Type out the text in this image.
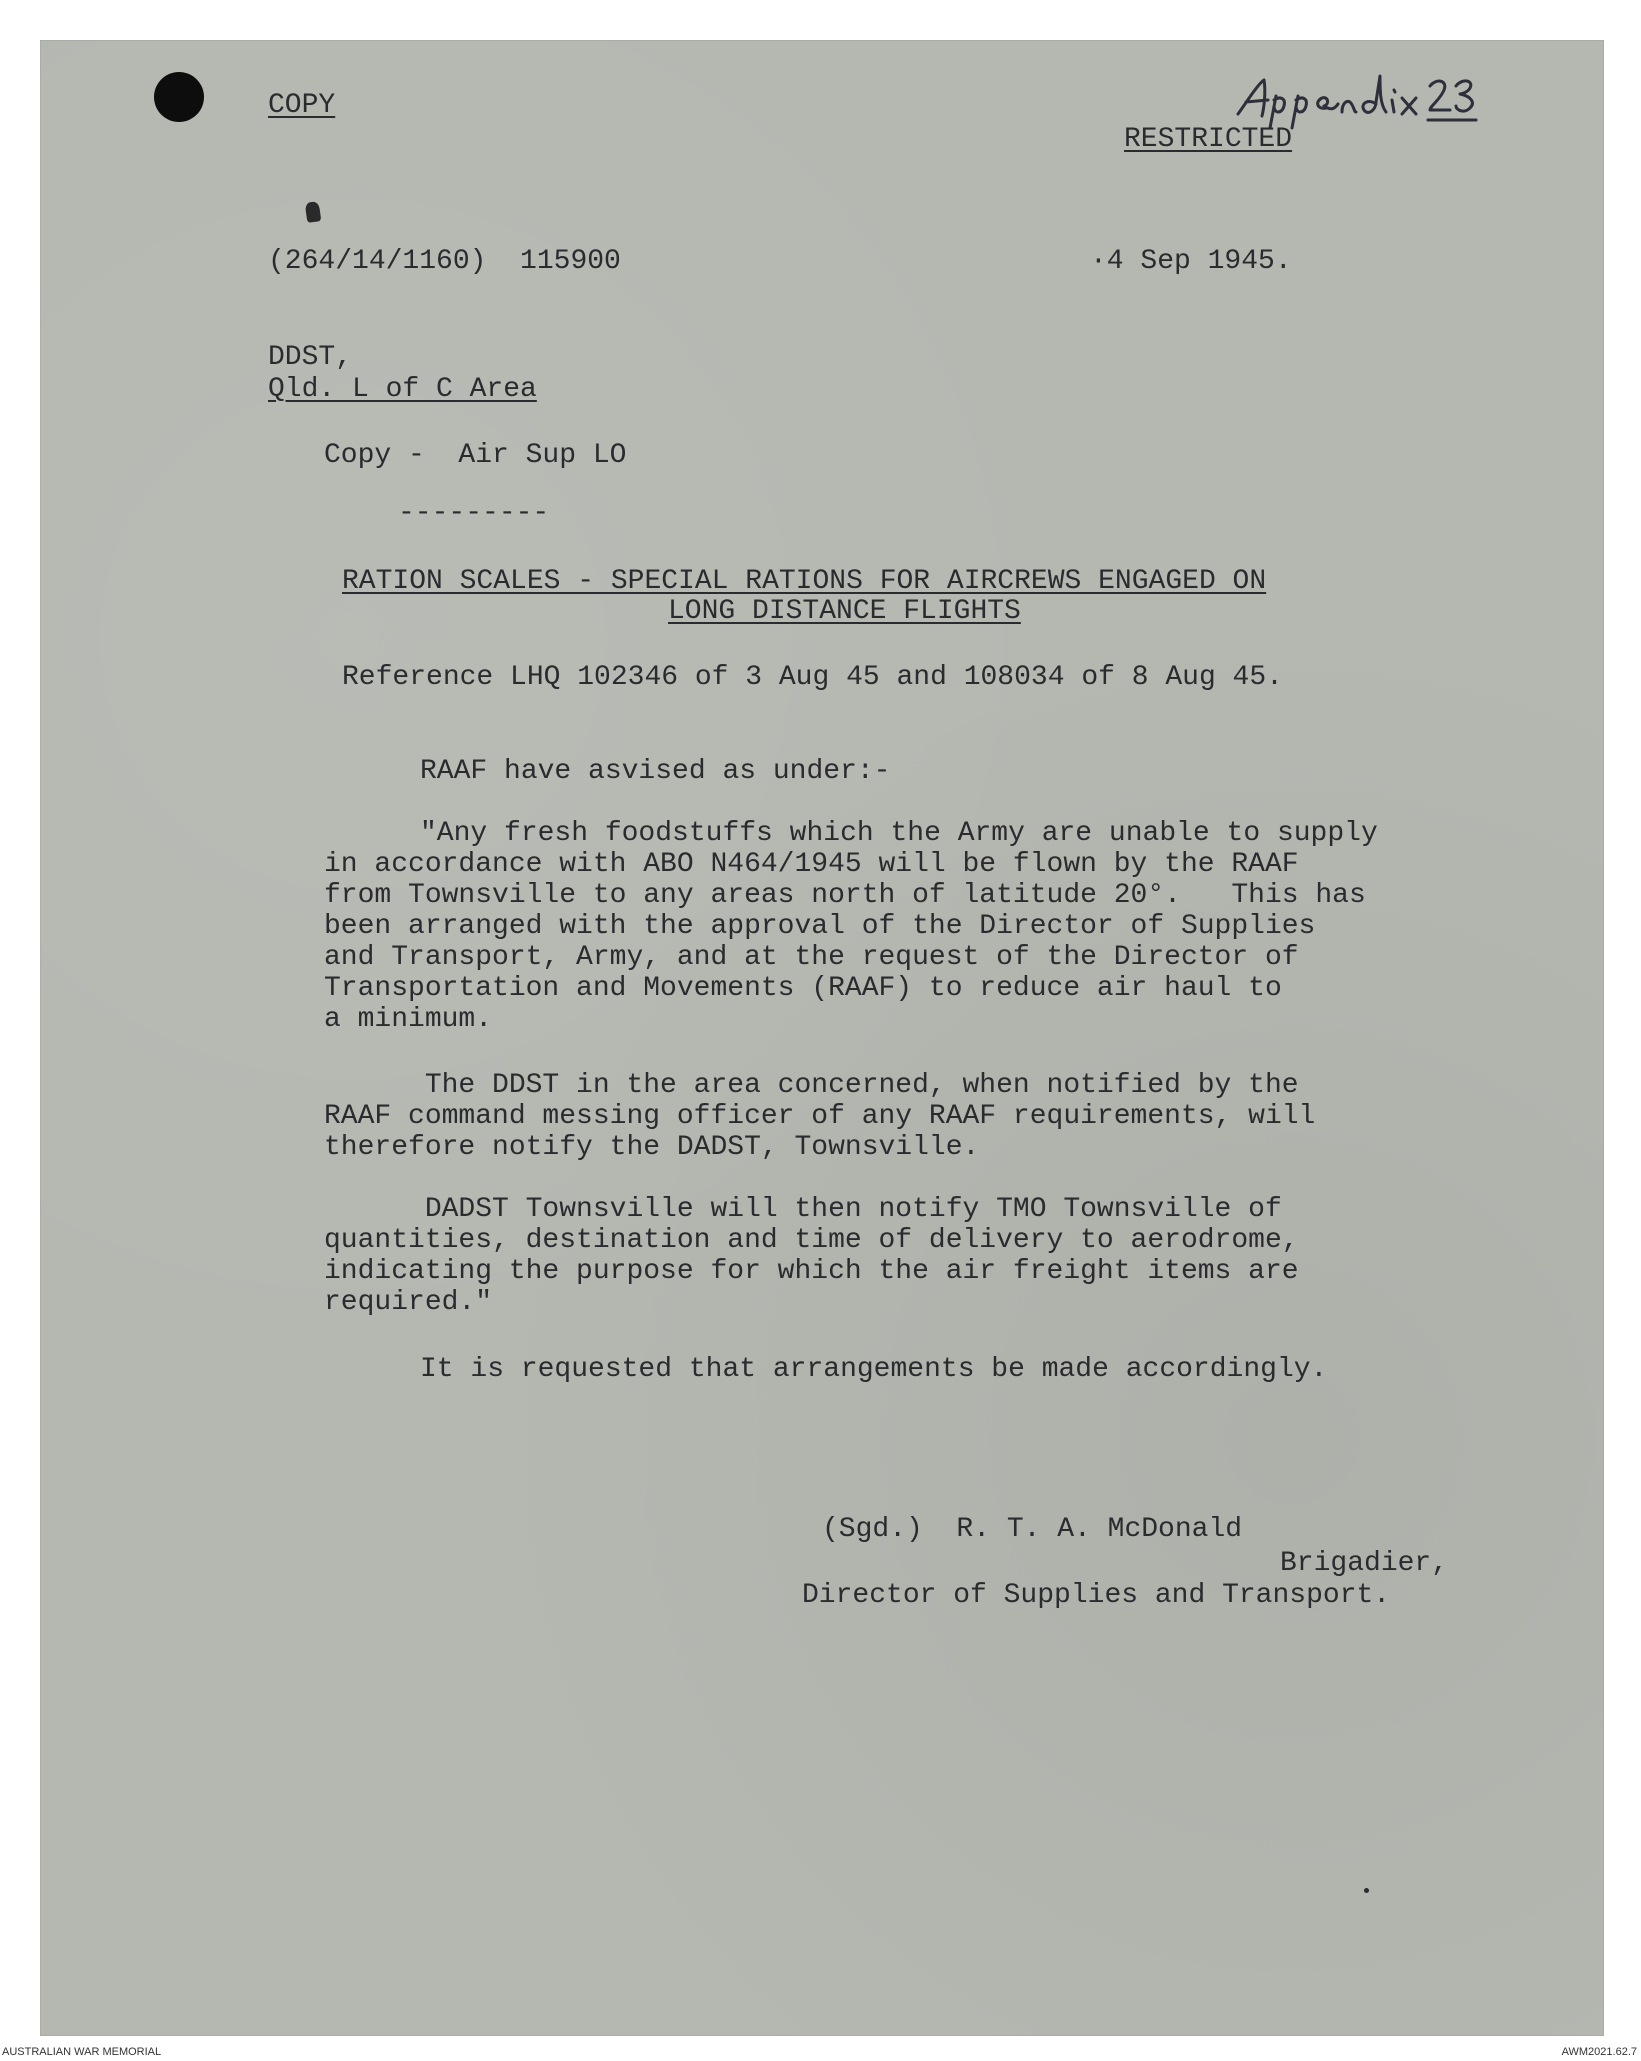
COPY

RESTRICTED

(264/14/1160)  115900	·4 Sep 1945.

DDST,

Qld. L of C Area

Copy -  Air Sup LO

---------

RATION SCALES - SPECIAL RATIONS FOR AIRCREWS ENGAGED ON

LONG DISTANCE FLIGHTS

Reference LHQ 102346 of 3 Aug 45 and 108034 of 8 Aug 45.

RAAF have asvised as under:-

"Any fresh foodstuffs which the Army are unable to supply
in accordance with ABO N464/1945 will be flown by the RAAF
from Townsville to any areas north of latitude 20°.   This has
been arranged with the approval of the Director of Supplies
and Transport, Army, and at the request of the Director of
Transportation and Movements (RAAF) to reduce air haul to
a minimum.
The DDST in the area concerned, when notified by the
RAAF command messing officer of any RAAF requirements, will
therefore notify the DADST, Townsville.
DADST Townsville will then notify TMO Townsville of
quantities, destination and time of delivery to aerodrome,
indicating the purpose for which the air freight items are
required."

It is requested that arrangements be made accordingly.

(Sgd.)  R. T. A. McDonald

Brigadier,

Director of Supplies and Transport.

AUSTRALIAN WAR MEMORIAL	AWM2021.62.7
